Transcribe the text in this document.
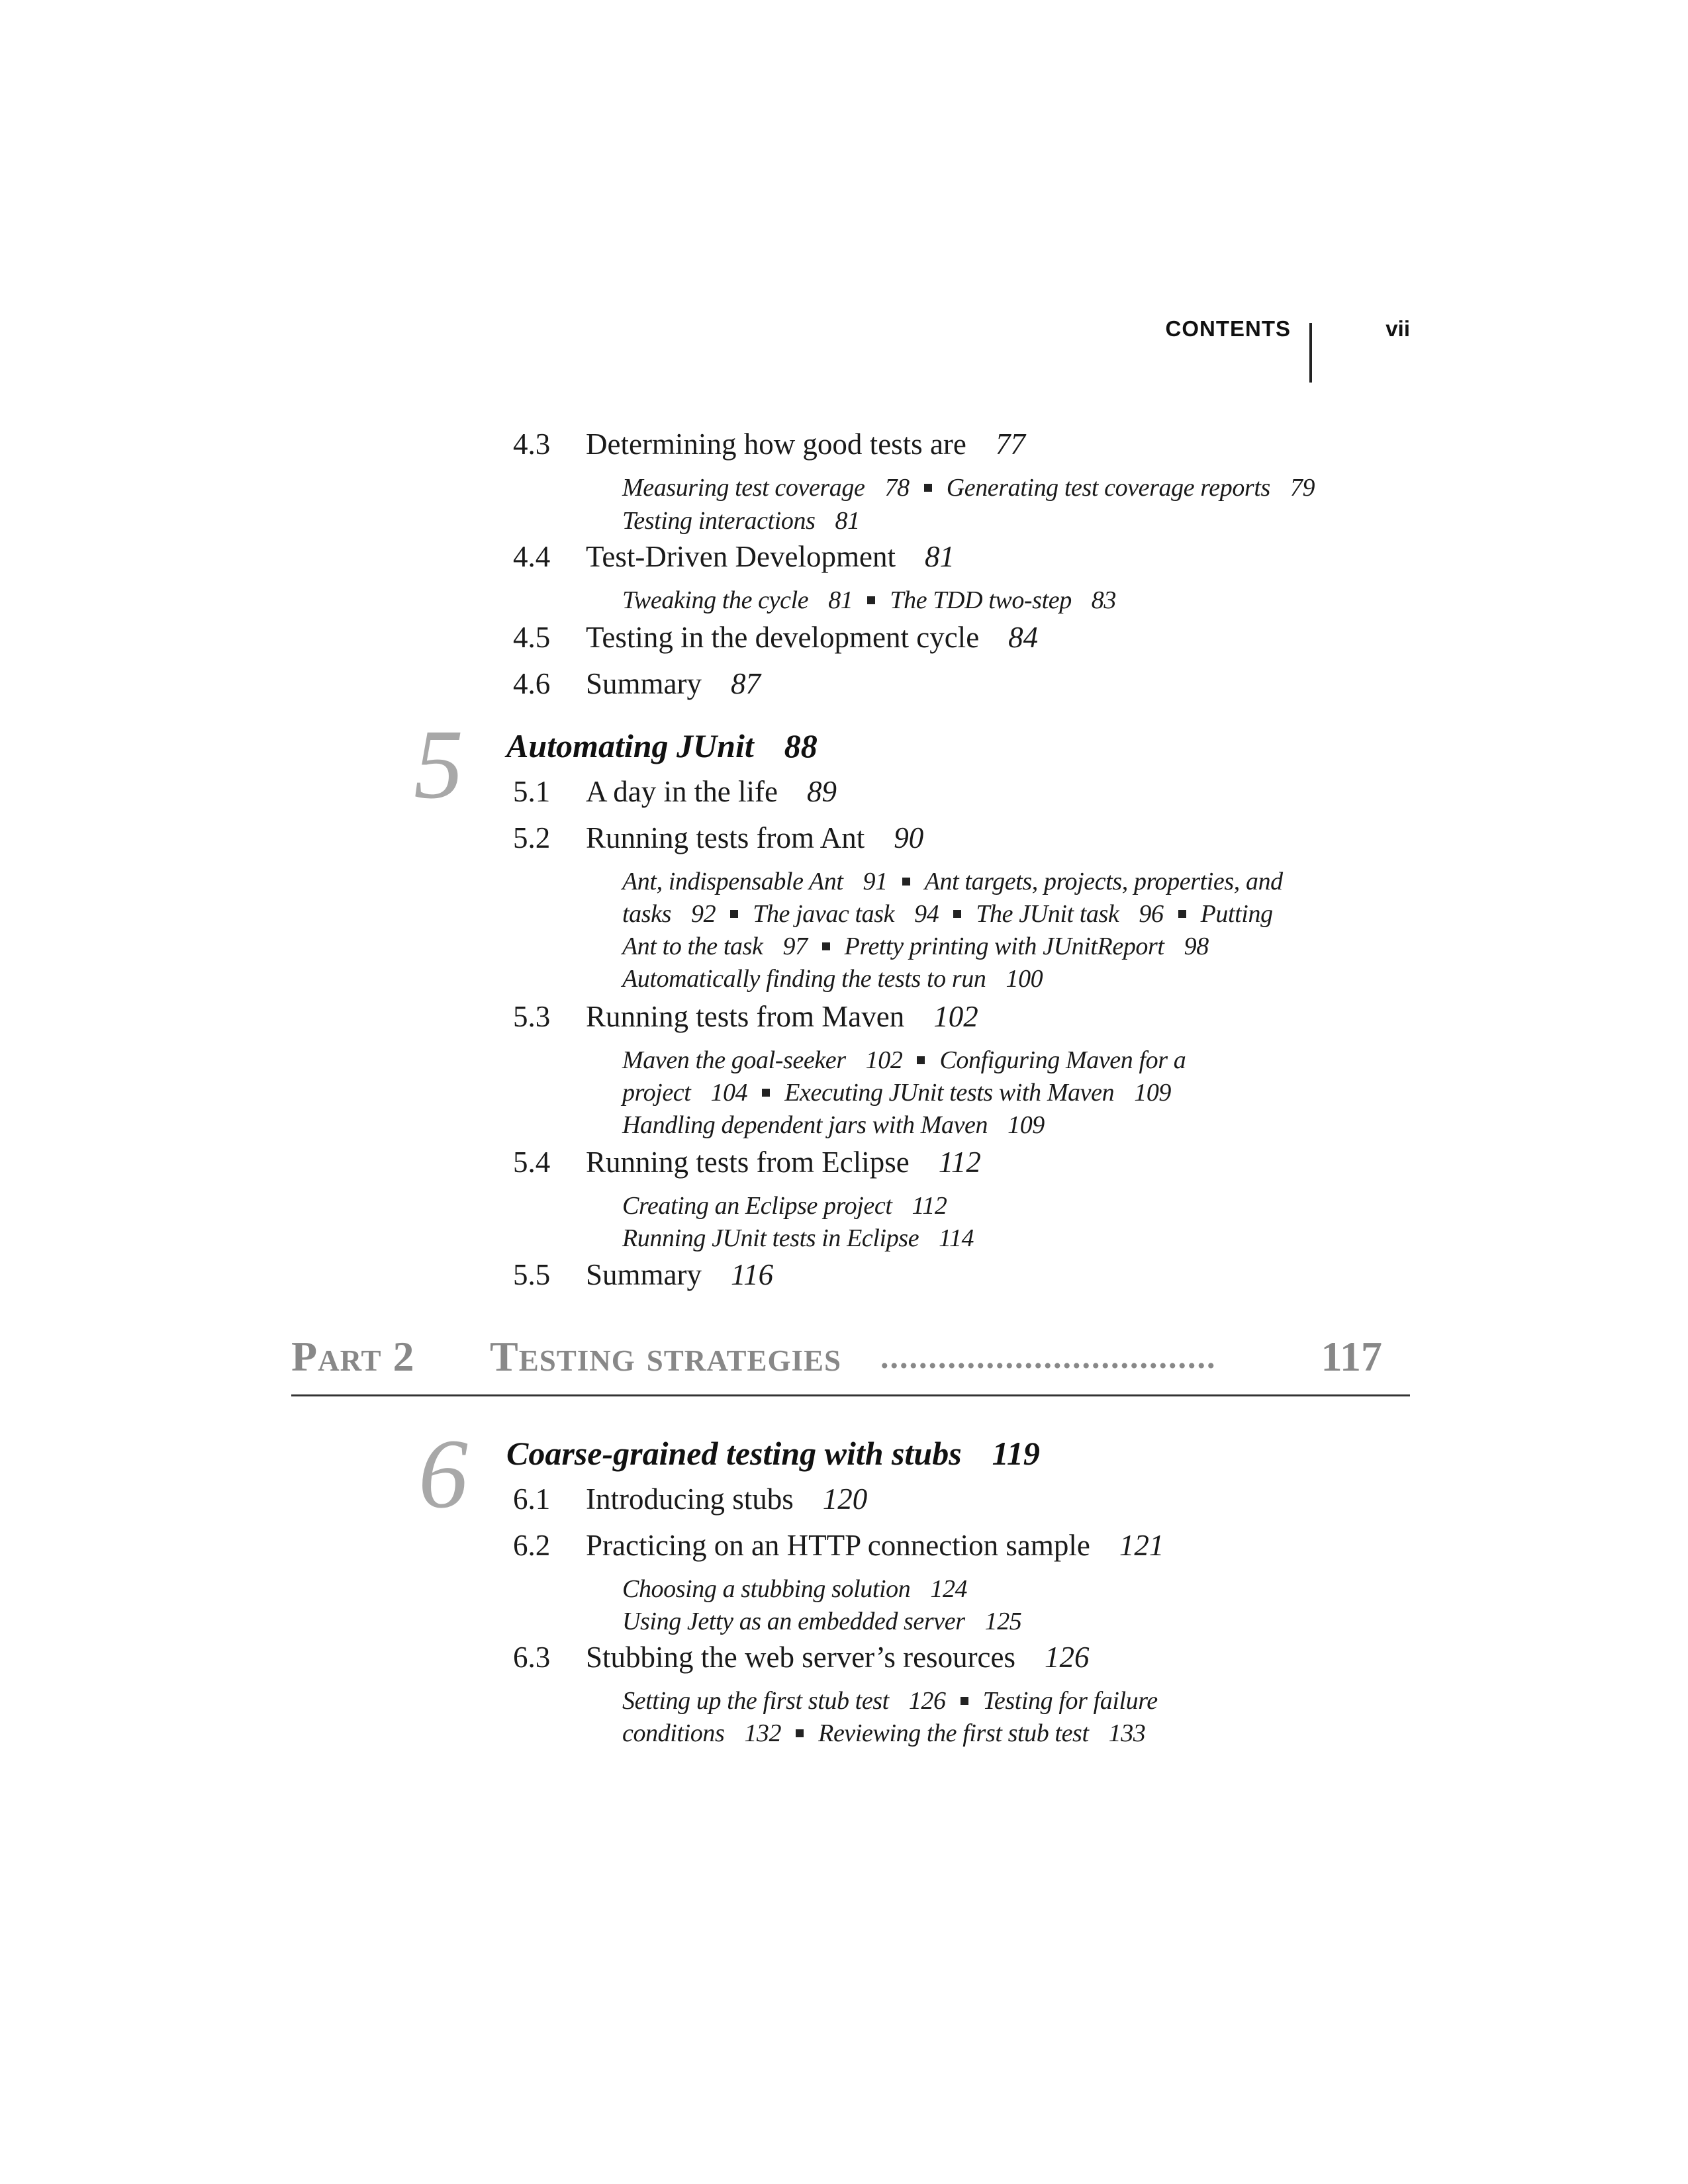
CONTENTS	vii
4.3 Determining how good tests are 77
Measuring test coverage 78 Generating test coverage reports 79
Testing interactions 81
4.4 Test-Driven Development 81
Tweaking the cycle 81 The TDD two-step 83
4.5 Testing in the development cycle 84
4.6 Summary 87
5 Automating JUnit 88
5.1 A day in the life 89
5.2 Running tests from Ant 90
Ant, indispensable Ant 91 Ant targets, projects, properties, and
tasks 92 The javac task 94 The JUnit task 96 Putting
Ant to the task 97 Pretty printing with JUnitReport 98
Automatically finding the tests to run 100
5.3 Running tests from Maven 102
Maven the goal-seeker 102 Configuring Maven for a
project 104 Executing JUnit tests with Maven 109
Handling dependent jars with Maven 109
5.4 Running tests from Eclipse 112
Creating an Eclipse project 112
Running JUnit tests in Eclipse 114
5.5 Summary 116
Part 2 Testing strategies ................................... 117
6 Coarse-grained testing with stubs 119
6.1 Introducing stubs 120
6.2 Practicing on an HTTP connection sample 121
Choosing a stubbing solution 124
Using Jetty as an embedded server 125
6.3 Stubbing the web server’s resources 126
Setting up the first stub test 126 Testing for failure
conditions 132 Reviewing the first stub test 133
